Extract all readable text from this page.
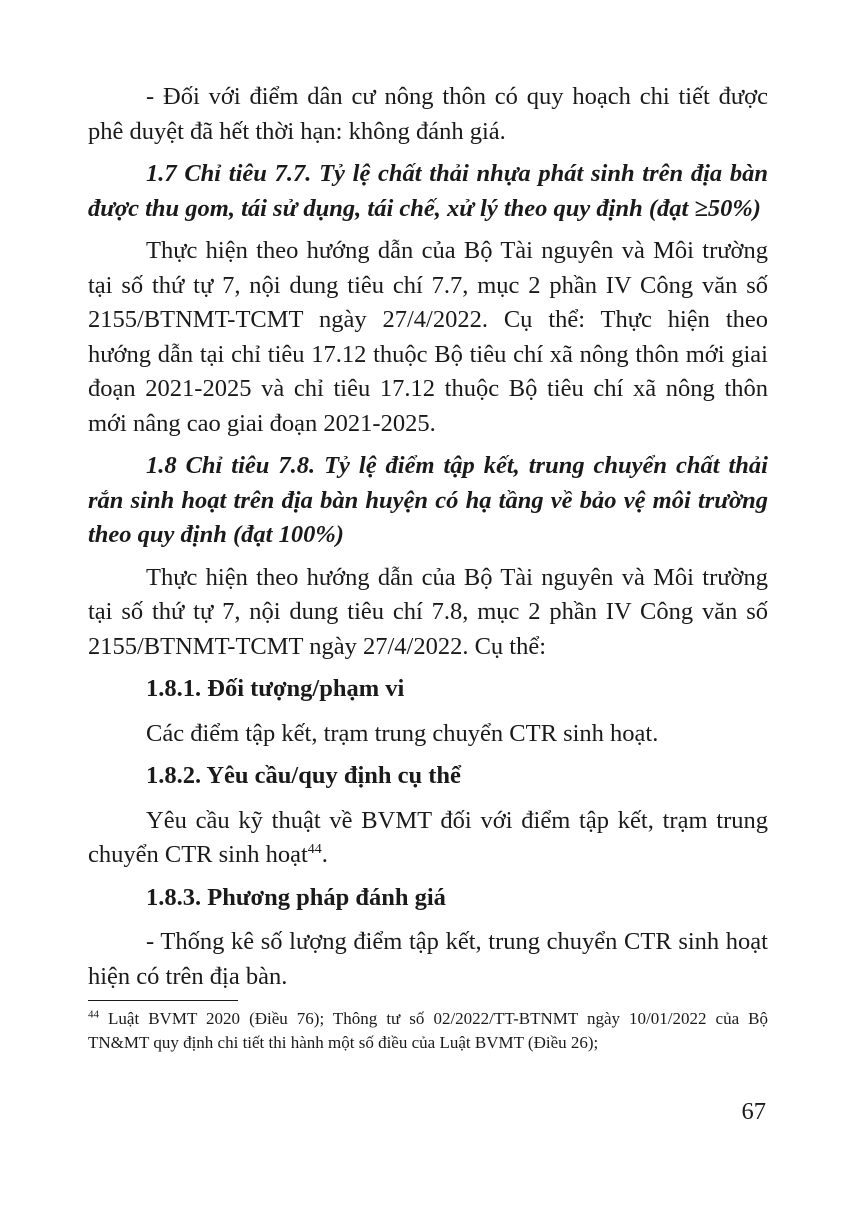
- Đối với điểm dân cư nông thôn có quy hoạch chi tiết được phê duyệt đã hết thời hạn: không đánh giá.

1.7 Chỉ tiêu 7.7. Tỷ lệ chất thải nhựa phát sinh trên địa bàn được thu gom, tái sử dụng, tái chế, xử lý theo quy định (đạt ≥50%)

Thực hiện theo hướng dẫn của Bộ Tài nguyên và Môi trường tại số thứ tự 7, nội dung tiêu chí 7.7, mục 2 phần IV Công văn số 2155/BTNMT-TCMT ngày 27/4/2022. Cụ thể: Thực hiện theo hướng dẫn tại chỉ tiêu 17.12 thuộc Bộ tiêu chí xã nông thôn mới giai đoạn 2021-2025 và chỉ tiêu 17.12 thuộc Bộ tiêu chí xã nông thôn mới nâng cao giai đoạn 2021-2025.

1.8 Chỉ tiêu 7.8. Tỷ lệ điểm tập kết, trung chuyển chất thải rắn sinh hoạt trên địa bàn huyện có hạ tầng về bảo vệ môi trường theo quy định (đạt 100%)

Thực hiện theo hướng dẫn của Bộ Tài nguyên và Môi trường tại số thứ tự 7, nội dung tiêu chí 7.8, mục 2 phần IV Công văn số 2155/BTNMT-TCMT ngày 27/4/2022. Cụ thể:

1.8.1. Đối tượng/phạm vi

Các điểm tập kết, trạm trung chuyển CTR sinh hoạt.

1.8.2. Yêu cầu/quy định cụ thể

Yêu cầu kỹ thuật về BVMT đối với điểm tập kết, trạm trung chuyển CTR sinh hoạt$^{44}$.

1.8.3. Phương pháp đánh giá

- Thống kê số lượng điểm tập kết, trung chuyển CTR sinh hoạt hiện có trên địa bàn.

$^{44}$ Luật BVMT 2020 (Điều 76); Thông tư số 02/2022/TT-BTNMT ngày 10/01/2022 của Bộ TN&MT quy định chi tiết thi hành một số điều của Luật BVMT (Điều 26);

67
